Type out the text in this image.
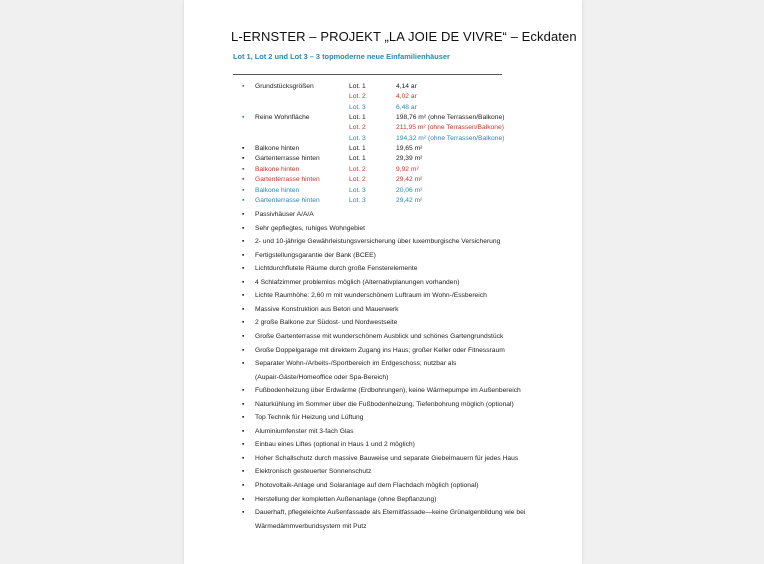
L-ERNSTER – PROJEKT „LA JOIE DE VIVRE“ – Eckdaten
Lot 1, Lot 2 und Lot 3 – 3 topmoderne neue Einfamilienhäuser
▪ Grundstücksgrößen	Lot. 1	4,14 ar
Lot. 2	4,02 ar
Lot. 3	6,48 ar
▪ Reine Wohnfläche	Lot. 1	198,76 m² (ohne Terrassen/Balkone)
Lot. 2	211,95 m² (ohne Terrassen/Balkone)
Lot. 3	194,32 m² (ohne Terrassen/Balkone)
▪ Balkone hinten	Lot. 1	19,65 m²
▪ Gartenterrasse hinten	Lot. 1	29,39 m²
▪ Balkone hinten	Lot. 2	9,92 m²
▪ Gartenterrasse hinten	Lot. 2	29,42 m²
▪ Balkone hinten	Lot. 3	20,06 m²
▪ Gartenterrasse hinten	Lot. 3	29,42 m²
▪ Passivhäuser A/A/A
▪ Sehr gepflegtes, ruhiges Wohngebiet
▪ 2- und 10-jährige Gewährleistungsversicherung über luxemburgische Versicherung
▪ Fertigstellungsgarantie der Bank (BCEE)
▪ Lichtdurchflutete Räume durch große Fensterelemente
▪ 4 Schlafzimmer problemlos möglich (Alternativplanungen vorhanden)
▪ Lichte Raumhöhe: 2,60 m mit wunderschönem Luftraum im Wohn-/Essbereich
▪ Massive Konstruktion aus Beton und Mauerwerk
▪ 2 große Balkone zur Südost- und Nordwestseite
▪ Große Gartenterrasse mit wunderschönem Ausblick und schönes Gartengrundstück
▪ Große Doppelgarage mit direktem Zugang ins Haus; großer Keller oder Fitnessraum
▪ Separater Wohn-/Arbeits-/Sportbereich im Erdgeschoss; nutzbar als
(Aupair-Gäste/Homeoffice oder Spa-Bereich)
▪ Fußbodenheizung über Erdwärme (Erdbohrungen), keine Wärmepumpe im Außenbereich
▪ Naturkühlung im Sommer über die Fußbodenheizung, Tiefenbohrung möglich (optional)
▪ Top Technik für Heizung und Lüftung
▪ Aluminiumfenster mit 3-fach Glas
▪ Einbau eines Liftes (optional in Haus 1 und 2 möglich)
▪ Hoher Schallschutz durch massive Bauweise und separate Giebelmauern für jedes Haus
▪ Elektronisch gesteuerter Sonnenschutz
▪ Photovoltaik-Anlage und Solaranlage auf dem Flachdach möglich (optional)
▪ Herstellung der kompletten Außenanlage (ohne Bepflanzung)
▪ Dauerhaft, pflegeleichte Außenfassade als Eternitfassade—keine Grünalgenbildung wie bei
Wärmedämmverbundsystem mit Putz
